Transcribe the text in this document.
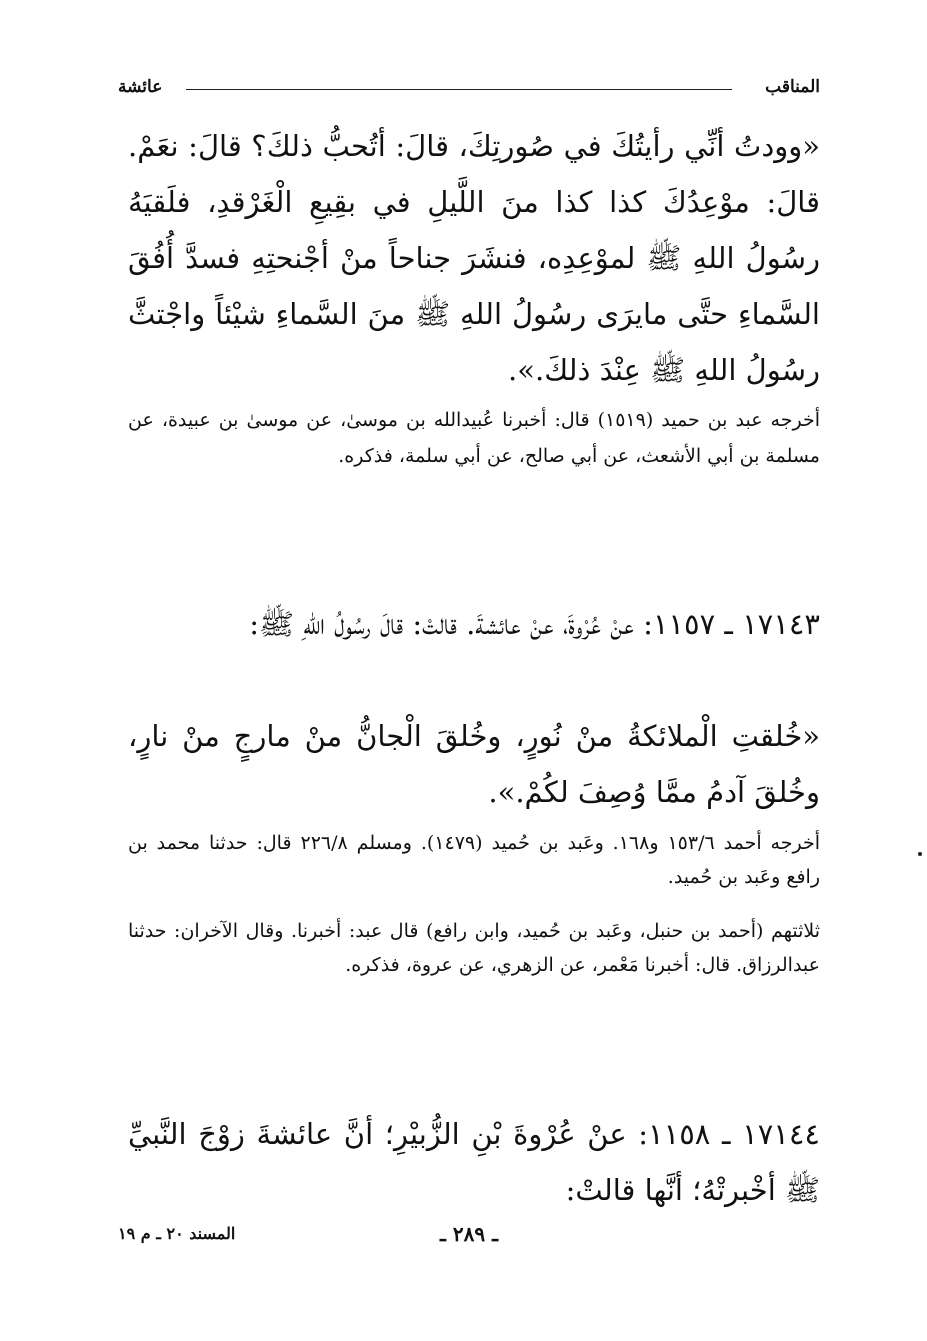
المناقب
عائشة
«وودتُ أنِّي رأيتُكَ في صُورتِكَ، قالَ: أتُحبُّ ذلكَ؟ قالَ: نعَمْ. قالَ: موْعِدُكَ كذا كذا منَ اللَّيلِ في بقِيعِ الْغَرْقدِ، فلَقيَهُ رسُولُ اللهِ ﷺ لموْعِدِه، فنشَرَ جناحاً منْ أجْنحتِهِ فسدَّ أُفُقَ السَّماءِ حتَّى مايرَى رسُولُ اللهِ ﷺ منَ السَّماءِ شيْئاً واجْتثَّ رسُولُ اللهِ ﷺ عِنْدَ ذلكَ.».
أخرجه عبد بن حميد (١٥١٩) قال: أخبرنا عُبيدالله بن موسىٰ، عن موسىٰ بن عبيدة، عن مسلمة بن أبي الأشعث، عن أبي صالح، عن أبي سلمة، فذكره.
١٧١٤٣ ـ ١١٥٧: عنْ عُرْوةَ، عنْ عائشةَ. قالتْ: قالَ رسُولُ اللهِ ﷺ:
«خُلقتِ الْملائكةُ منْ نُورٍ، وخُلقَ الْجانُّ منْ مارجٍ منْ نارٍ، وخُلقَ آدمُ ممَّا وُصِفَ لكُمْ.».
أخرجه أحمد ١٥٣/٦ و١٦٨. وعَبد بن حُميد (١٤٧٩). ومسلم ٢٢٦/٨ قال: حدثنا محمد بن رافع وعَبد بن حُميد.
ثلاثتهم (أحمد بن حنبل، وعَبد بن حُميد، وابن رافع) قال عبد: أخبرنا. وقال الآخران: حدثنا عبدالرزاق. قال: أخبرنا مَعْمر، عن الزهري، عن عروة، فذكره.
١٧١٤٤ ـ ١١٥٨: عنْ عُرْوةَ بْنِ الزُّبيْرِ؛ أنَّ عائشةَ زوْجَ النَّبيِّ ﷺ أخْبرتْهُ؛ أنَّها قالتْ:
ـ ٢٨٩ ـ
المسند ٢٠ ـ م ١٩
